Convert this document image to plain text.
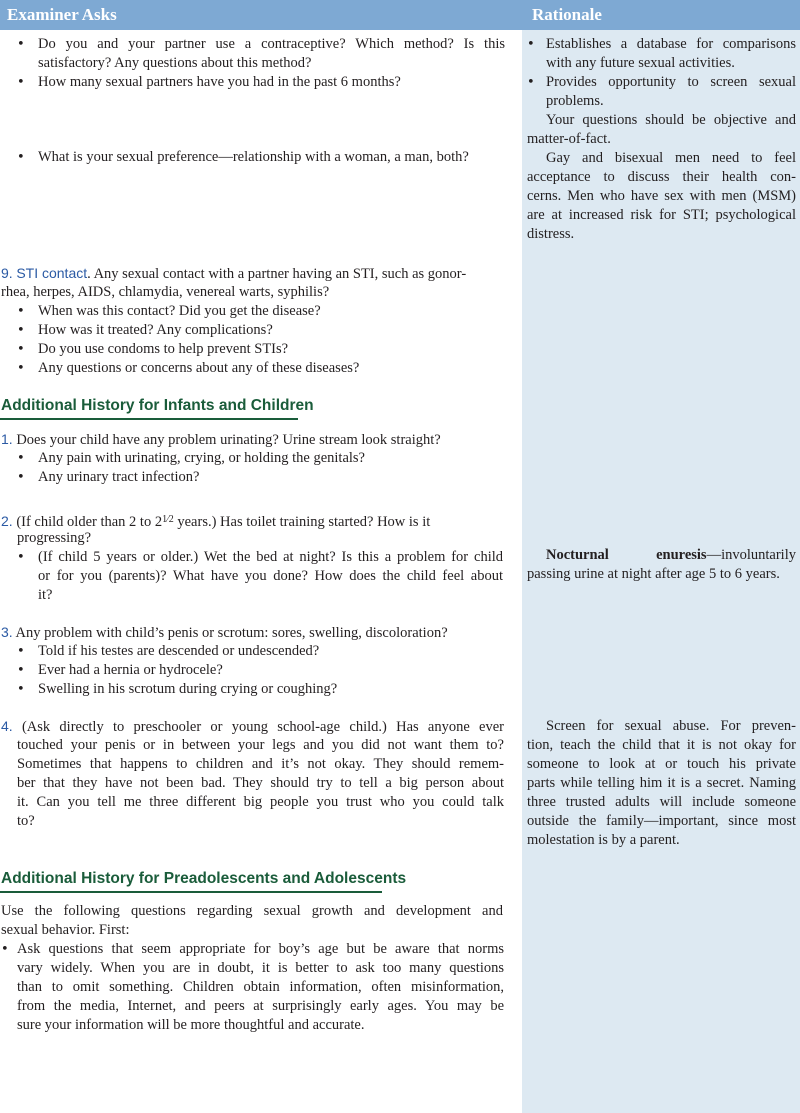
Examiner Asks	Rationale
• Do you and your partner use a contraceptive? Which method? Is this

satisfactory? Any questions about this method?

• How many sexual partners have you had in the past 6 months?

• What is your sexual preference—relationship with a woman, a man, both?

9. STI contact. Any sexual contact with a partner having an STI, such as gonor-

rhea, herpes, AIDS, chlamydia, venereal warts, syphilis?

• When was this contact? Did you get the disease?

• How was it treated? Any complications?

• Do you use condoms to help prevent STIs?

• Any questions or concerns about any of these diseases?

Additional History for Infants and Children

1. Does your child have any problem urinating? Urine stream look straight?

• Any pain with urinating, crying, or holding the genitals?

• Any urinary tract infection?

2. (If child older than 2 to $2^{1⁄2}$ years.) Has toilet training started? How is it

progressing?

• (If child 5 years or older.) Wet the bed at night? Is this a problem for child

or for you (parents)? What have you done? How does the child feel about

it?

3. Any problem with child’s penis or scrotum: sores, swelling, discoloration?

• Told if his testes are descended or undescended?

• Ever had a hernia or hydrocele?

• Swelling in his scrotum during crying or coughing?

4. (Ask directly to preschooler or young school-age child.) Has anyone ever

touched your penis or in between your legs and you did not want them to?

Sometimes that happens to children and it’s not okay. They should remem-

ber that they have not been bad. They should try to tell a big person about

it. Can you tell me three different big people you trust who you could talk

to?

Additional History for Preadolescents and Adolescents

Use the following questions regarding sexual growth and development and

sexual behavior. First:

• Ask questions that seem appropriate for boy’s age but be aware that norms

vary widely. When you are in doubt, it is better to ask too many questions

than to omit something. Children obtain information, often misinformation,

from the media, Internet, and peers at surprisingly early ages. You may be

sure your information will be more thoughtful and accurate.

• Establishes a database for comparisons

with any future sexual activities.

• Provides opportunity to screen sexual

problems.

Your questions should be objective and

matter-of-fact.

Gay and bisexual men need to feel

acceptance to discuss their health con-

cerns. Men who have sex with men (MSM)

are at increased risk for STI; psychological

distress.

Nocturnal enuresis—involuntarily

passing urine at night after age 5 to 6 years.

Screen for sexual abuse. For preven-

tion, teach the child that it is not okay for

someone to look at or touch his private

parts while telling him it is a secret. Naming

three trusted adults will include someone

outside the family—important, since most

molestation is by a parent.
